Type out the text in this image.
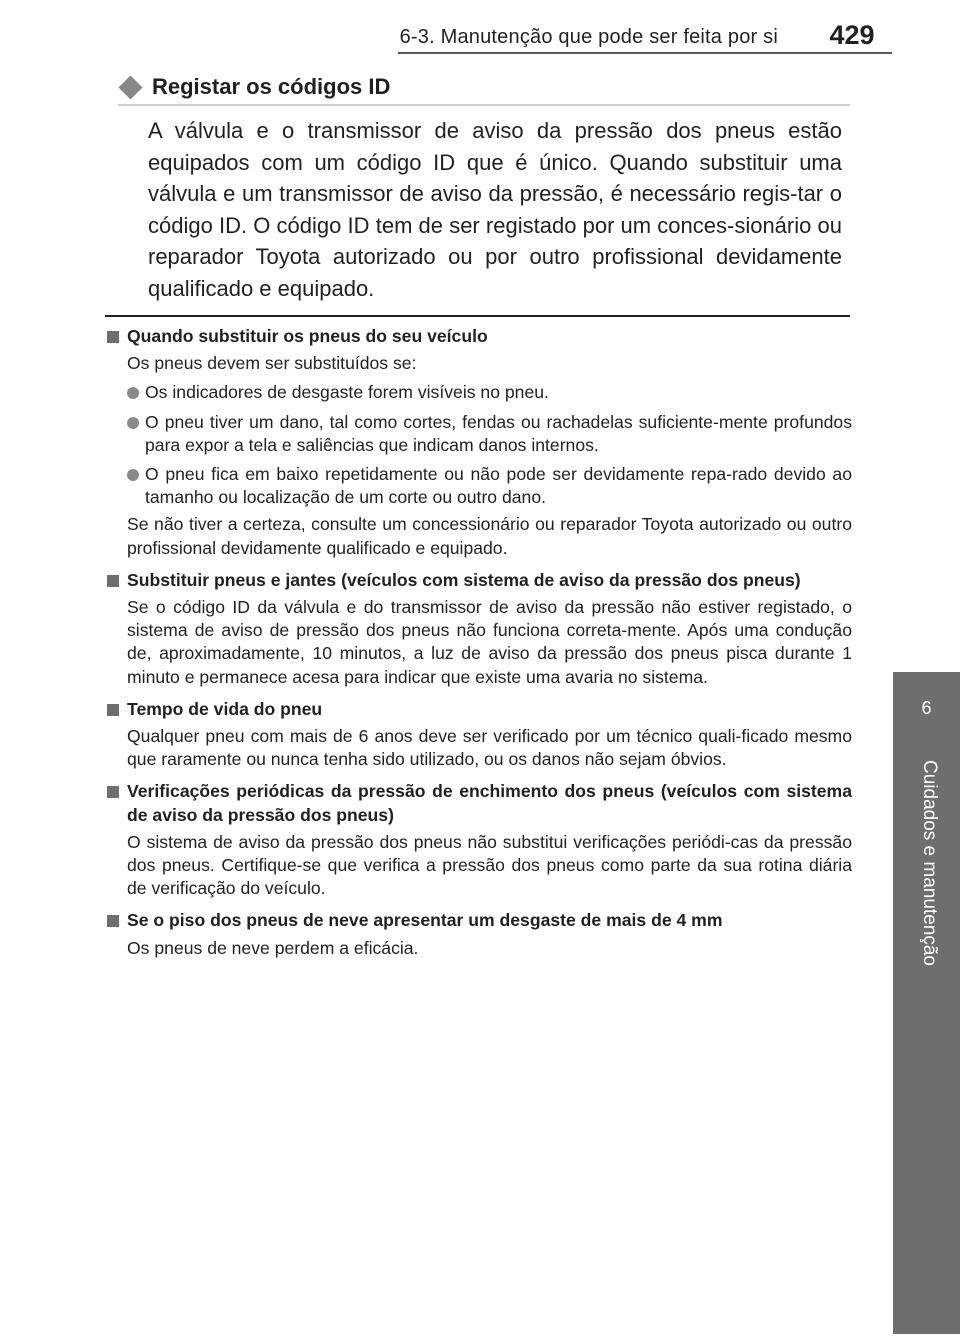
6-3. Manutenção que pode ser feita por si	429
6
Cuidados e manutenção
Registar os códigos ID

A válvula e o transmissor de aviso da pressão dos pneus estão equipados com um código ID que é único. Quando substituir uma válvula e um transmissor de aviso da pressão, é necessário regis-tar o código ID. O código ID tem de ser registado por um conces-sionário ou reparador Toyota autorizado ou por outro profissional devidamente qualificado e equipado.

Quando substituir os pneus do seu veículo
Os pneus devem ser substituídos se:
Os indicadores de desgaste forem visíveis no pneu.
O pneu tiver um dano, tal como cortes, fendas ou rachadelas suficiente-mente profundos para expor a tela e saliências que indicam danos internos.
O pneu fica em baixo repetidamente ou não pode ser devidamente repa-rado devido ao tamanho ou localização de um corte ou outro dano.
Se não tiver a certeza, consulte um concessionário ou reparador Toyota autorizado ou outro profissional devidamente qualificado e equipado.
Substituir pneus e jantes (veículos com sistema de aviso da pressão dos pneus)
Se o código ID da válvula e do transmissor de aviso da pressão não estiver registado, o sistema de aviso de pressão dos pneus não funciona correta-mente. Após uma condução de, aproximadamente, 10 minutos, a luz de aviso da pressão dos pneus pisca durante 1 minuto e permanece acesa para indicar que existe uma avaria no sistema.
Tempo de vida do pneu
Qualquer pneu com mais de 6 anos deve ser verificado por um técnico quali-ficado mesmo que raramente ou nunca tenha sido utilizado, ou os danos não sejam óbvios.
Verificações periódicas da pressão de enchimento dos pneus (veículos com sistema de aviso da pressão dos pneus)
O sistema de aviso da pressão dos pneus não substitui verificações periódi-cas da pressão dos pneus. Certifique-se que verifica a pressão dos pneus como parte da sua rotina diária de verificação do veículo.
Se o piso dos pneus de neve apresentar um desgaste de mais de 4 mm
Os pneus de neve perdem a eficácia.
